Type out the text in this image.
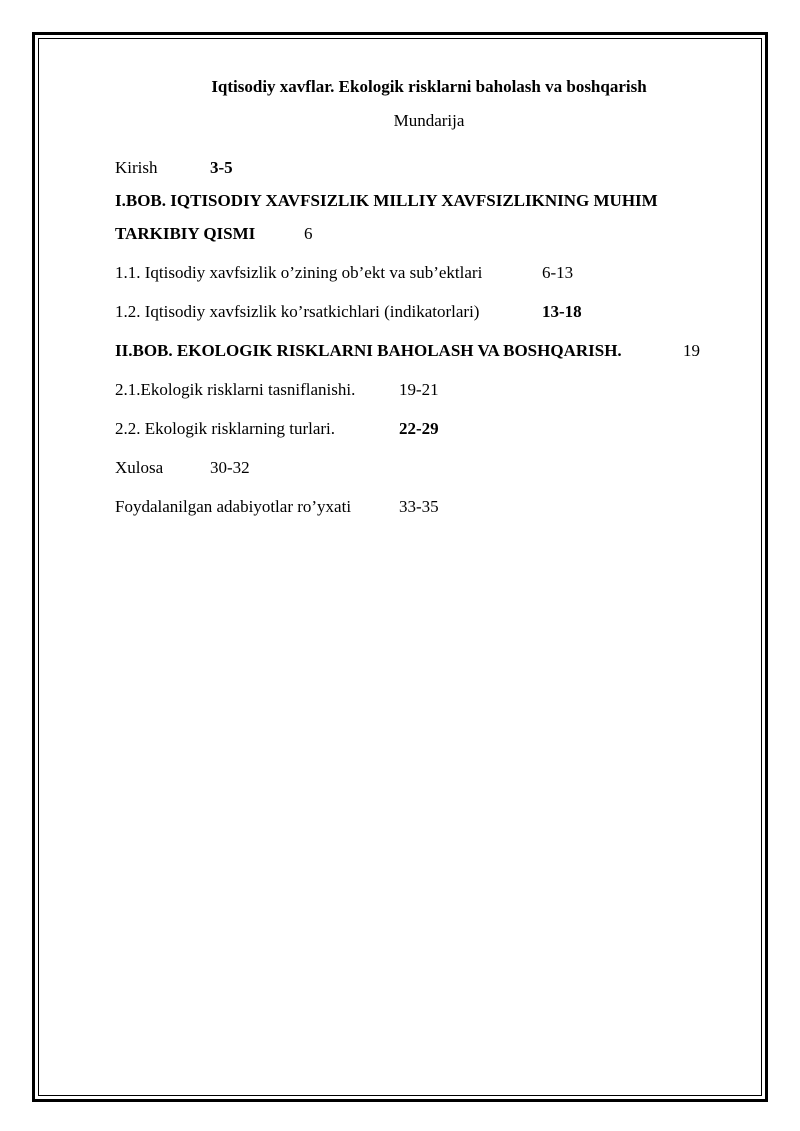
Iqtisodiy xavflar. Ekologik risklarni baholash va boshqarish
Mundarija
Kirish	3-5
I.BOB. IQTISODIY XAVFSIZLIK MILLIY XAVFSIZLIKNING MUHIM
TARKIBIY QISMI	6
1.1. Iqtisodiy xavfsizlik o’zining ob’ekt va sub’ektlari	6-13
1.2. Iqtisodiy xavfsizlik ko’rsatkichlari (indikatorlari)	13-18
II.BOB. EKOLOGIK RISKLARNI BAHOLASH VA BOSHQARISH.	19
2.1.Ekologik risklarni tasniflanishi.	19-21
2.2. Ekologik risklarning turlari.	22-29
Xulosa	30-32
Foydalanilgan adabiyotlar ro’yxati	33-35
